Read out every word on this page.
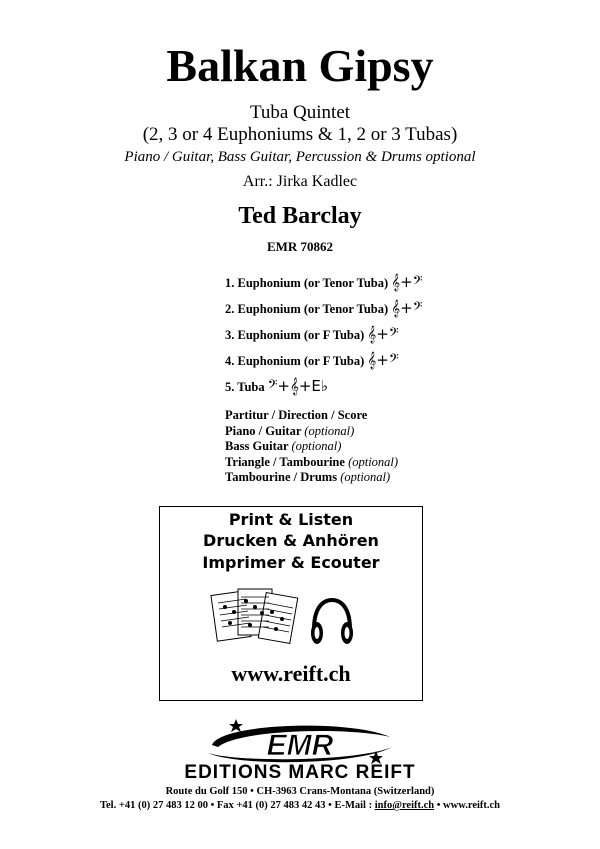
Balkan Gipsy
Tuba Quintet
(2, 3 or 4 Euphoniums & 1, 2 or 3 Tubas)
Piano / Guitar, Bass Guitar, Percussion & Drums optional
Arr.: Jirka Kadlec
Ted Barclay
EMR 70862
1. Euphonium (or Tenor Tuba) 𝄞+𝄢
2. Euphonium (or Tenor Tuba) 𝄞+𝄢
3. Euphonium (or F Tuba) 𝄞+𝄢
4. Euphonium (or F Tuba) 𝄞+𝄢
5. Tuba 𝄢+𝄞+E♭
Partitur / Direction / Score
Piano / Guitar (optional)
Bass Guitar (optional)
Triangle / Tambourine (optional)
Tambourine / Drums (optional)
Print & Listen
Drucken & Anhören
Imprimer & Ecouter
www.reift.ch
EMR
EDITIONS MARC REIFT
Route du Golf 150 • CH-3963 Crans-Montana (Switzerland)
Tel. +41 (0) 27 483 12 00 • Fax +41 (0) 27 483 42 43 • E-Mail : info@reift.ch • www.reift.ch
